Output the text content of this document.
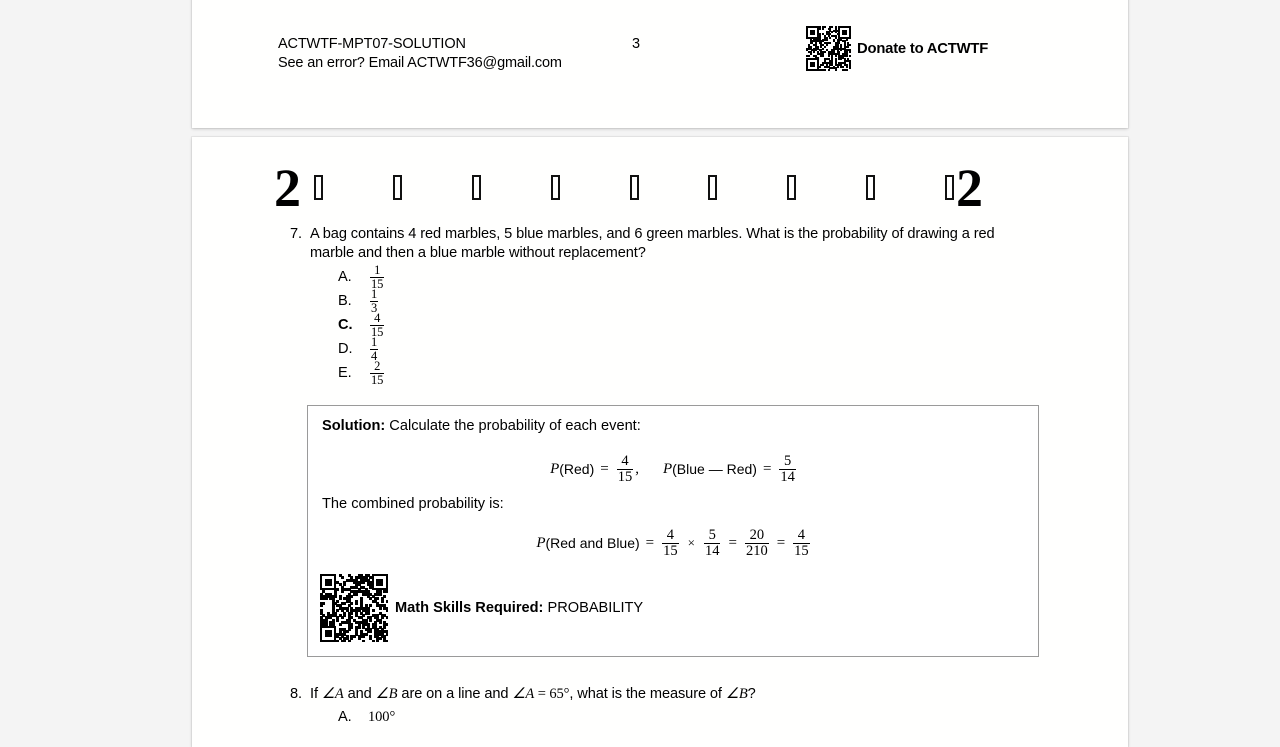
ACTWTF-MPT07-SOLUTION
See an error? Email ACTWTF36@gmail.com
3	Donate to ACTWTF
2	2
7. A bag contains 4 red marbles, 5 blue marbles, and 6 green marbles. What is the probability of drawing a red marble and then a blue marble without replacement?
A.	$\frac{1}{15}$
B.	$\frac{1}{3}$
C.	$\frac{4}{15}$
D.	$\frac{1}{4}$
E.	$\frac{2}{15}$
Solution: Calculate the probability of each event:
P $(Red) = \frac{4}{15}$ , P (Blue — $Red) = \frac{5}{14}$
The combined probability is:
P (Red and Blue) = $\frac{4}{15} \times \frac{5}{14} = \frac{20}{210} = \frac{4}{15}$
Math Skills Required: PROBABILITY
8. If ∠A and ∠B are on a line and ∠A = 65°, what is the measure of ∠B?
A.	100°
